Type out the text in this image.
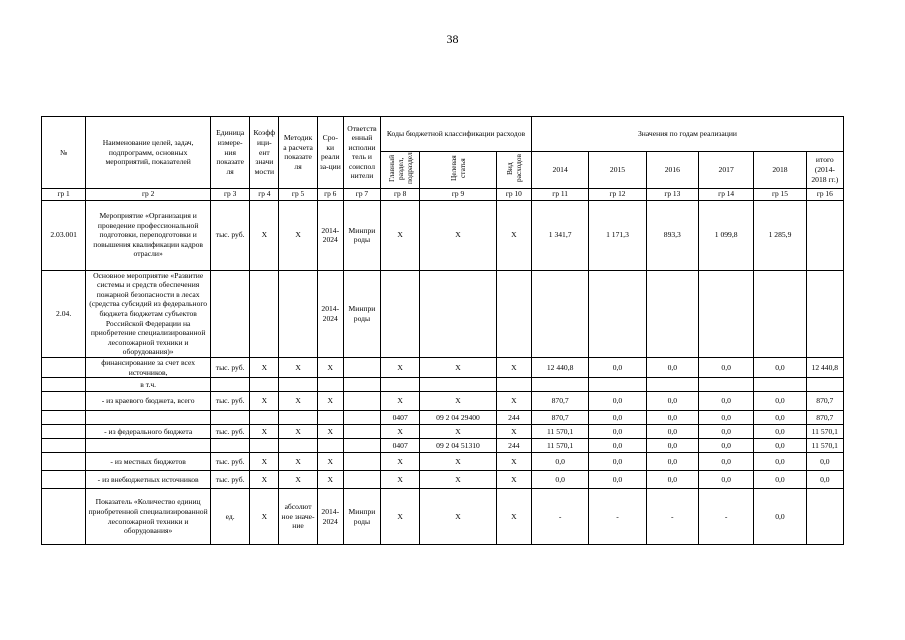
38
№	Наименование целей, задач, подпрограмм, основных мероприятий, показателей	Единица измере-ния показате ля	Коэфф ици-ент значи мости	Методик а расчета показате ля	Сро-ки реали за-ции	Ответств енный исполни тель и соиспол нители	Коды бюджетной классификации расходов			Значения по годам реализации					
							Главный раздел, подраздел	Целевая статья	Вид расходов	2014	2015	2016	2017	2018	итого (2014-2018 гг.)
гр 1	гр 2	гр 3	гр 4	гр 5	гр 6	гр 7	гр 8	гр 9	гр 10	гр 11	гр 12	гр 13	гр 14	гр 15	гр 16
2.03.001	Мероприятие «Организация и проведение профессиональной подготовки, переподготовки и повышения квалификации кадров отрасли»	тыс. руб.	Х	Х	2014-2024	Минпри роды	Х	Х	Х	1 341,7	1 171,3	893,3	1 099,8	1 285,9	
2.04.	Основное мероприятие «Развитие системы и средств обеспечения пожарной безопасности в лесах (средства субсидий из федерального бюджета бюджетам субъектов Российской Федерации на приобретение специализированной лесопожарной техники и оборудования)»				2014-2024	Минпри роды									
	финансирование за счет всех источников,	тыс. руб.	Х	Х	Х		Х	Х	Х	12 440,8	0,0	0,0	0,0	0,0	12 440,8
	в т.ч.														
	- из краевого бюджета, всего	тыс. руб.	Х	Х	Х		Х	Х	Х	870,7	0,0	0,0	0,0	0,0	870,7
							0407	09 2 04 29400	244	870,7	0,0	0,0	0,0	0,0	870,7
	- из федерального бюджета	тыс. руб.	Х	Х	Х		Х	Х	Х	11 570,1	0,0	0,0	0,0	0,0	11 570,1
							0407	09 2 04 51310	244	11 570,1	0,0	0,0	0,0	0,0	11 570,1
	- из местных бюджетов	тыс. руб.	Х	Х	Х		Х	Х	Х	0,0	0,0	0,0	0,0	0,0	0,0
	- из внебюджетных источников	тыс. руб.	Х	Х	Х		Х	Х	Х	0,0	0,0	0,0	0,0	0,0	0,0
	Показатель «Количество единиц приобретенной специализированной лесопожарной техники и оборудования»	ед.	Х	абсолют ное значе-ние	2014-2024	Минпри роды	Х	Х	Х	-	-	-	-	0,0	
